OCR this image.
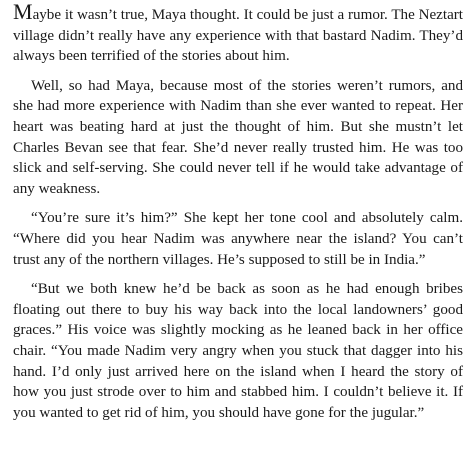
Maybe it wasn’t true, Maya thought. It could be just a rumor. The Neztart village didn’t really have any experience with that bastard Nadim. They’d always been terrified of the stories about him.

Well, so had Maya, because most of the stories weren’t rumors, and she had more experience with Nadim than she ever wanted to repeat. Her heart was beating hard at just the thought of him. But she mustn’t let Charles Bevan see that fear. She’d never really trusted him. He was too slick and self-serving. She could never tell if he would take advantage of any weakness.

“You’re sure it’s him?” She kept her tone cool and absolutely calm. “Where did you hear Nadim was anywhere near the island? You can’t trust any of the northern villages. He’s supposed to still be in India.”

“But we both knew he’d be back as soon as he had enough bribes floating out there to buy his way back into the local landowners’ good graces.” His voice was slightly mocking as he leaned back in her office chair. “You made Nadim very angry when you stuck that dagger into his hand. I’d only just arrived here on the island when I heard the story of how you just strode over to him and stabbed him. I couldn’t believe it. If you wanted to get rid of him, you should have gone for the jugular.”
